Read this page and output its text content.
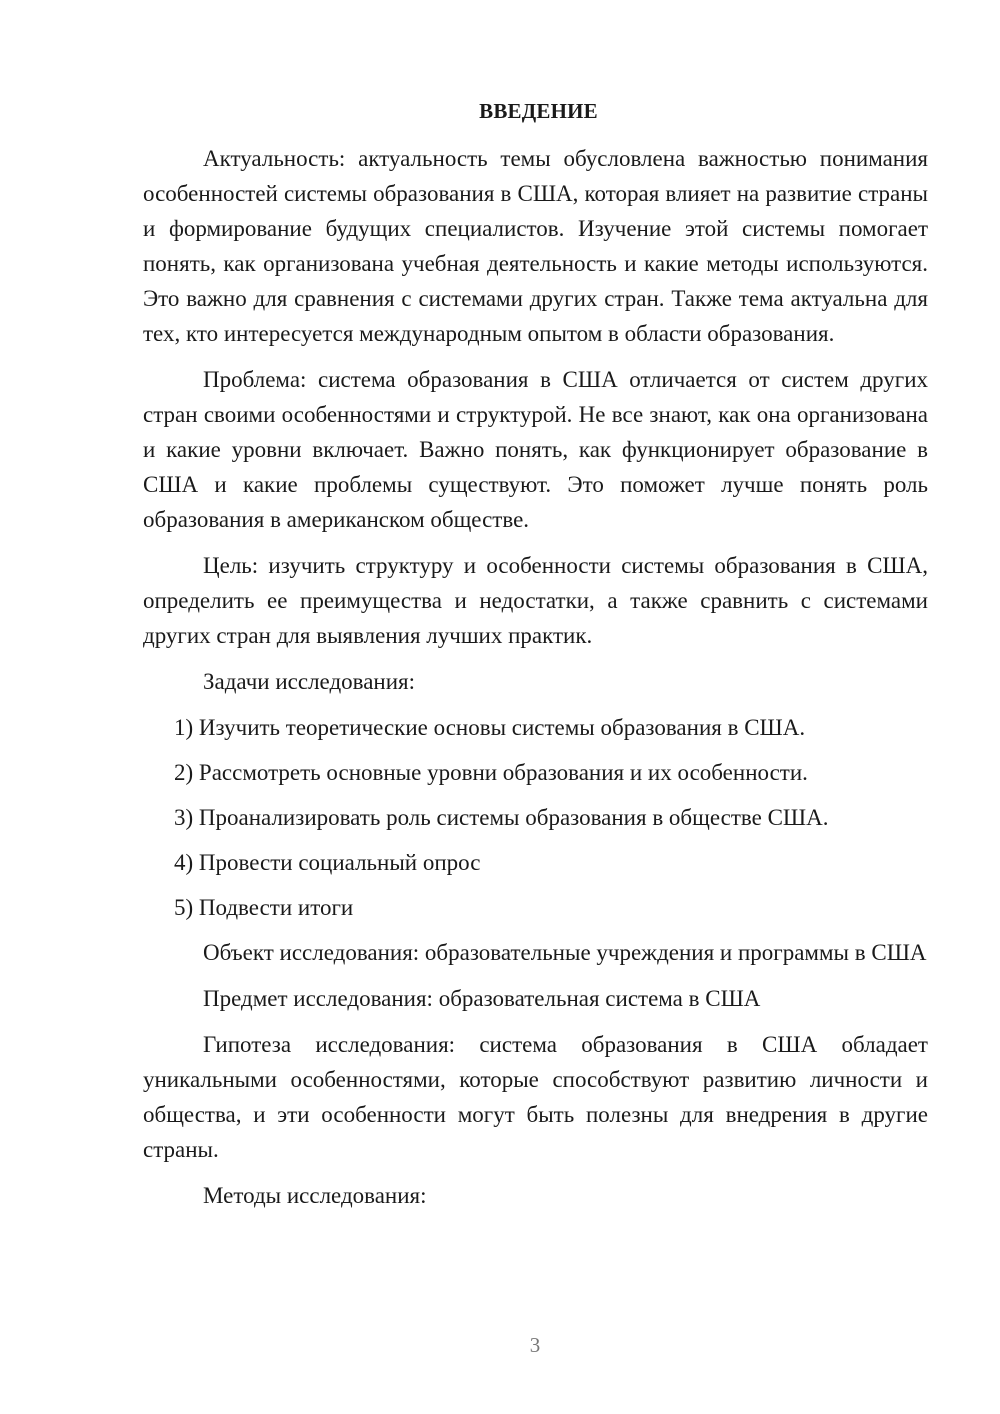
ВВЕДЕНИЕ

Актуальность: актуальность темы обусловлена важностью понимания особенностей системы образования в США, которая влияет на развитие страны и формирование будущих специалистов. Изучение этой системы помогает понять, как организована учебная деятельность и какие методы используются. Это важно для сравнения с системами других стран. Также тема актуальна для тех, кто интересуется международным опытом в области образования.

Проблема: система образования в США отличается от систем других стран своими особенностями и структурой. Не все знают, как она организована и какие уровни включает. Важно понять, как функционирует образование в США и какие проблемы существуют. Это поможет лучше понять роль образования в американском обществе.

Цель: изучить структуру и особенности системы образования в США, определить ее преимущества и недостатки, а также сравнить с системами других стран для выявления лучших практик.

Задачи исследования:

1) Изучить теоретические основы системы образования в США.

2) Рассмотреть основные уровни образования и их особенности.

3) Проанализировать роль системы образования в обществе США.

4) Провести социальный опрос

5) Подвести итоги

Объект исследования: образовательные учреждения и программы в США

Предмет исследования: образовательная система в США

Гипотеза исследования: система образования в США обладает уникальными особенностями, которые способствуют развитию личности и общества, и эти особенности могут быть полезны для внедрения в другие страны.

Методы исследования:

3
